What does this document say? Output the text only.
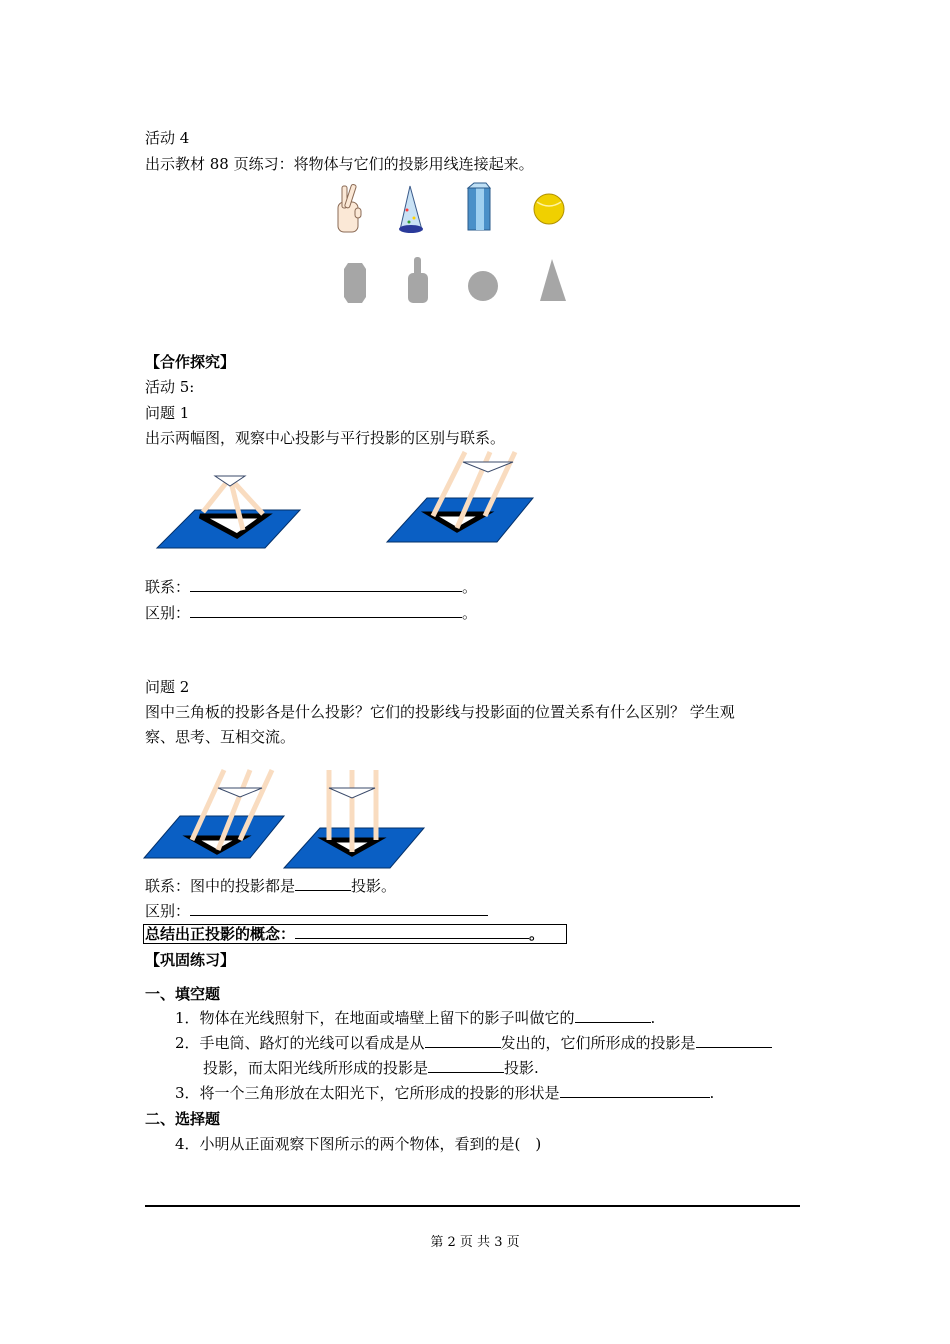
活动 4
出示教材 88 页练习：将物体与它们的投影用线连接起来。
【合作探究】
活动 5:
问题 1
出示两幅图，观察中心投影与平行投影的区别与联系。
联系：	。
区别：	。
问题 2
图中三角板的投影各是什么投影？它们的投影线与投影面的位置关系有什么区别？ 学生观
察、思考、互相交流。
联系：图中的投影都是	投影。
区别：
总结出正投影的概念：	。
【巩固练习】
一、填空题
1．物体在光线照射下，在地面或墙壁上留下的影子叫做它的	.
2．手电筒、路灯的光线可以看成是从	发出的，它们所形成的投影是
投影，而太阳光线所形成的投影是	投影.
3．将一个三角形放在太阳光下，它所形成的投影的形状是	.
二、选择题
4．小明从正面观察下图所示的两个物体，看到的是(　)
第 2 页 共 3 页
